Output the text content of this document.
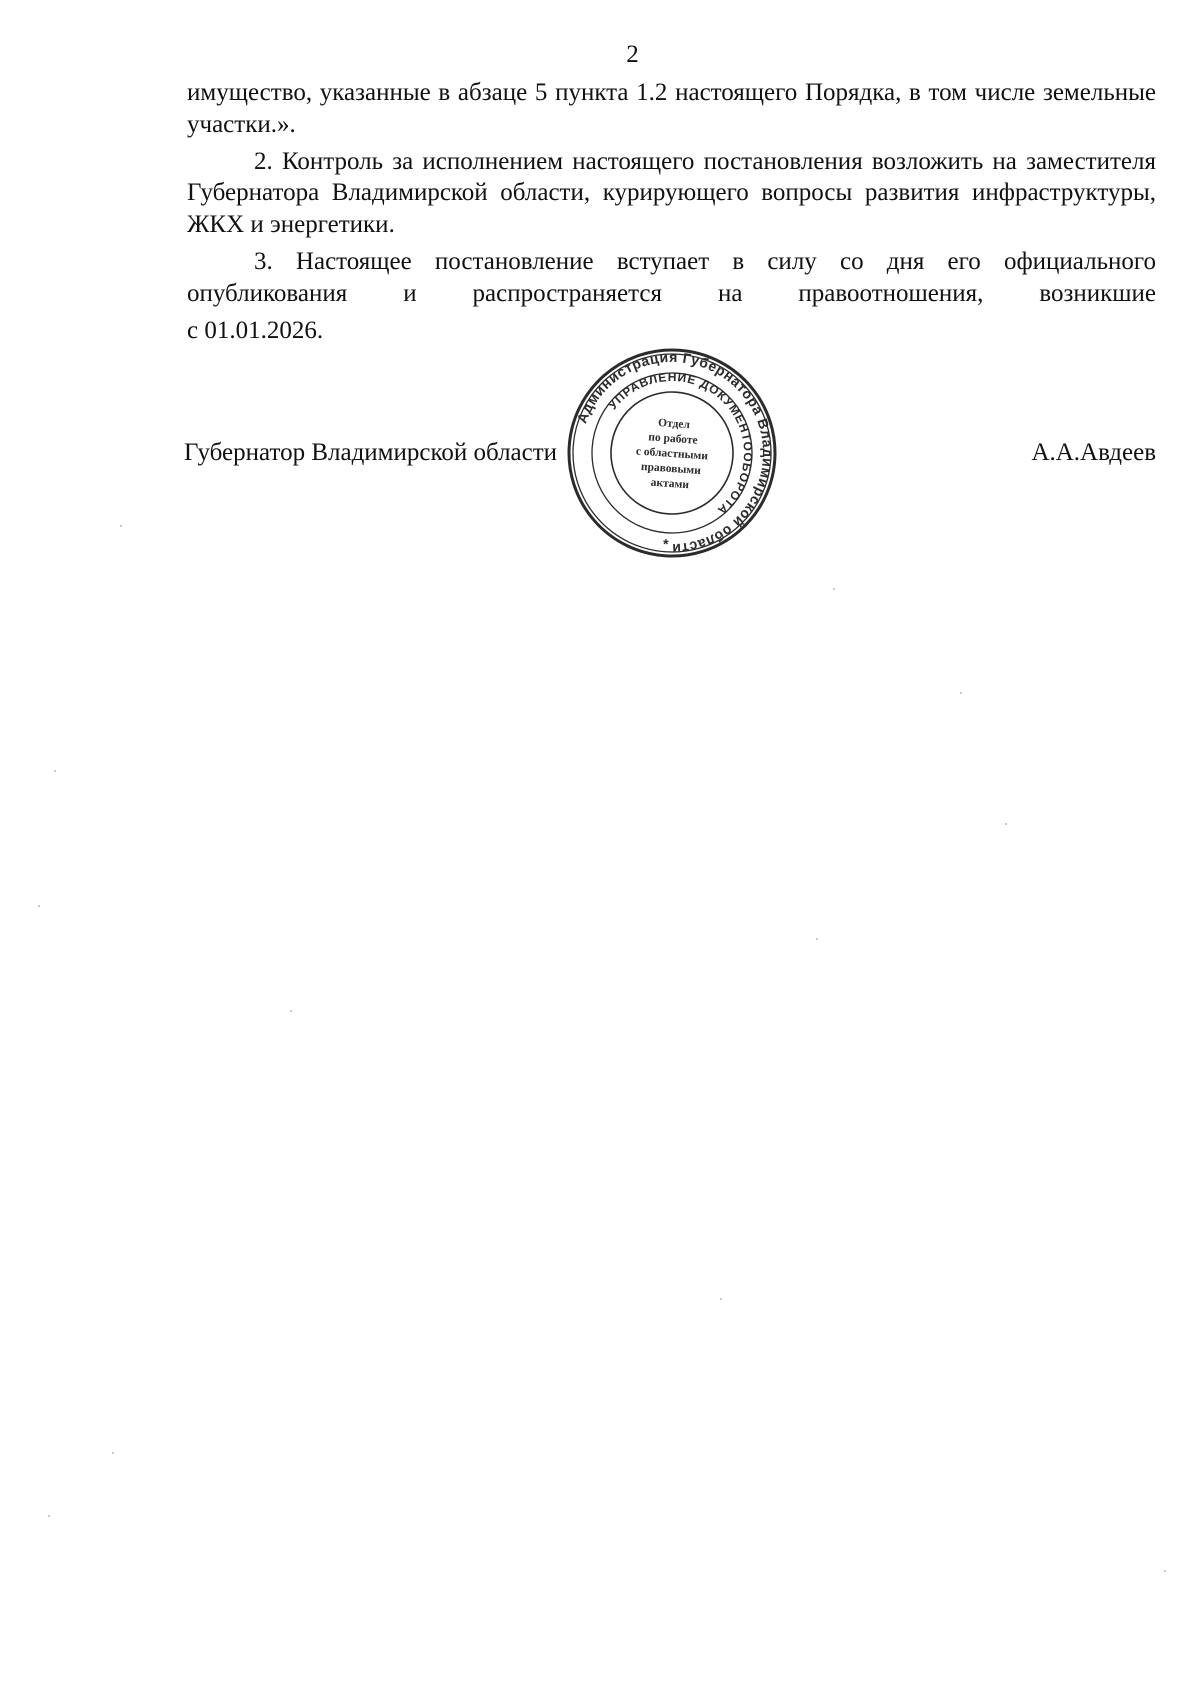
2

имущество, указанные в абзаце 5 пункта 1.2 настоящего Порядка, в том числе земельные участки.».

2. Контроль за исполнением настоящего постановления возложить на заместителя Губернатора Владимирской области, курирующего вопросы развития инфраструктуры, ЖКХ и энергетики.

3. Настоящее постановление вступает в силу со дня его официального опубликования и распространяется на правоотношения, возникшие

с 01.01.2026.

Губернатор Владимирской области	А.А.Авдеев
Администрация Губернатора Владимирской области
УПРАВЛЕНИЕ ДОКУМЕНТООБОРОТА
Отдел
по работе
с областными
правовыми
актами
*
